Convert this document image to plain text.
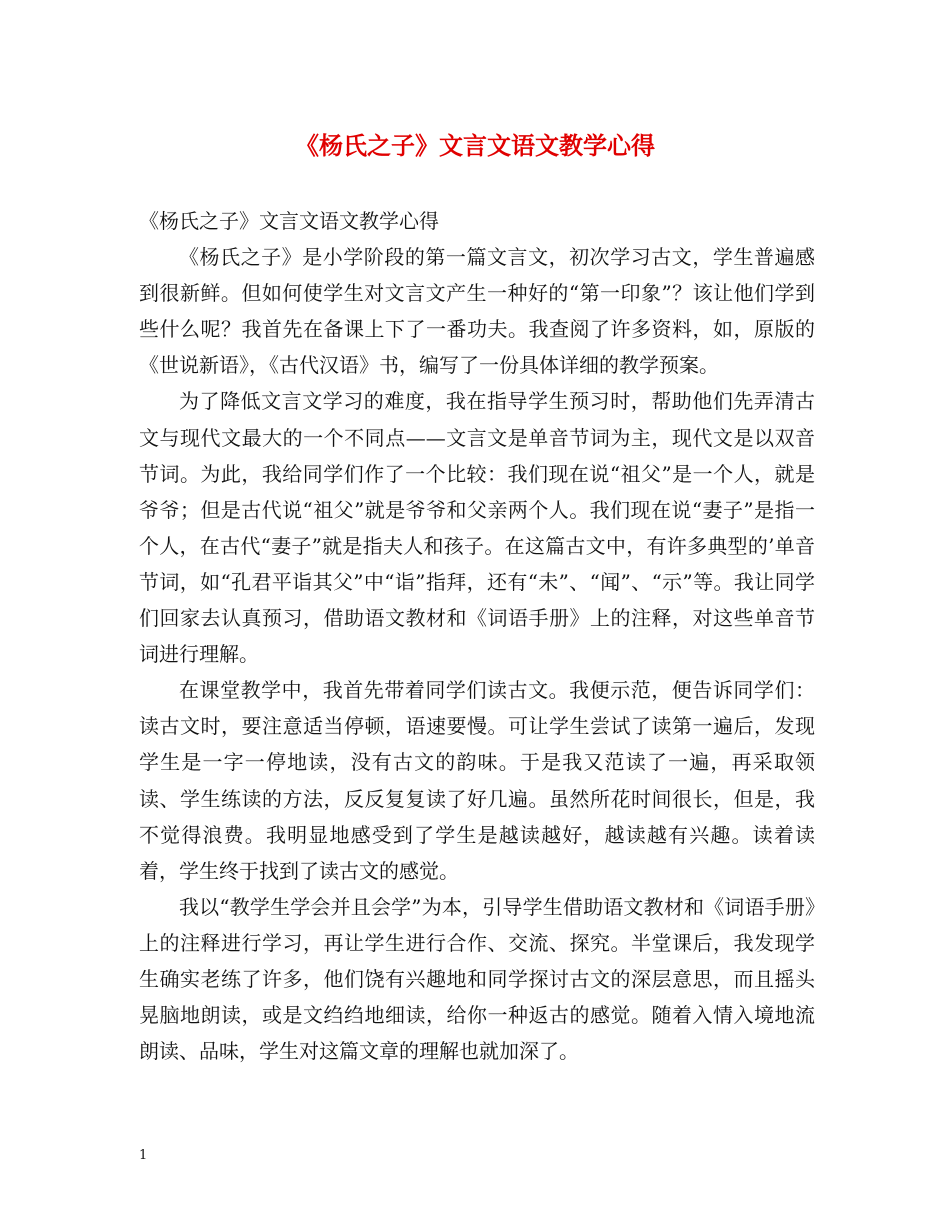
《杨氏之子》文言文语文教学心得

《杨氏之子》文言文语文教学心得

《杨氏之子》是小学阶段的第一篇文言文，初次学习古文，学生普遍感到很新鲜。但如何使学生对文言文产生一种好的“第一印象”？该让他们学到些什么呢？我首先在备课上下了一番功夫。我查阅了许多资料，如，原版的《世说新语》，《古代汉语》书，编写了一份具体详细的教学预案。

为了降低文言文学习的难度，我在指导学生预习时，帮助他们先弄清古文与现代文最大的一个不同点——文言文是单音节词为主，现代文是以双音节词。为此，我给同学们作了一个比较：我们现在说“祖父”是一个人，就是爷爷；但是古代说“祖父”就是爷爷和父亲两个人。我们现在说“妻子”是指一个人，在古代“妻子”就是指夫人和孩子。在这篇古文中，有许多典型的’单音节词，如“孔君平诣其父”中“诣”指拜，还有“未”、“闻”、“示”等。我让同学们回家去认真预习，借助语文教材和《词语手册》上的注释，对这些单音节词进行理解。

在课堂教学中，我首先带着同学们读古文。我便示范，便告诉同学们：读古文时，要注意适当停顿，语速要慢。可让学生尝试了读第一遍后，发现学生是一字一停地读，没有古文的韵味。于是我又范读了一遍，再采取领读、学生练读的方法，反反复复读了好几遍。虽然所花时间很长，但是，我不觉得浪费。我明显地感受到了学生是越读越好，越读越有兴趣。读着读着，学生终于找到了读古文的感觉。

我以“教学生学会并且会学”为本，引导学生借助语文教材和《词语手册》上的注释进行学习，再让学生进行合作、交流、探究。半堂课后，我发现学生确实老练了许多，他们饶有兴趣地和同学探讨古文的深层意思，而且摇头晃脑地朗读，或是文绉绉地细读，给你一种返古的感觉。随着入情入境地流朗读、品味，学生对这篇文章的理解也就加深了。

1
